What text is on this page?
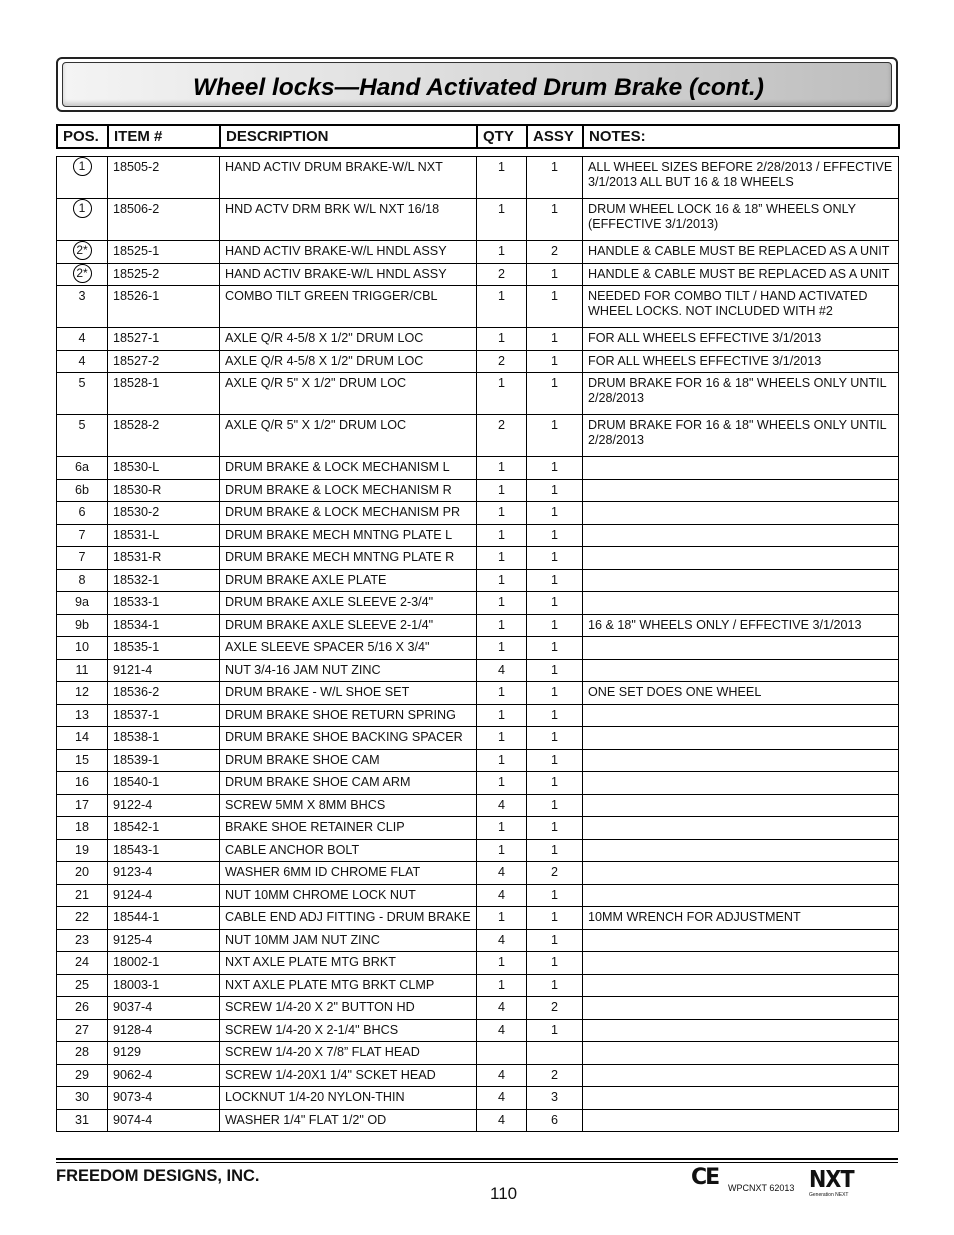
Wheel locks—Hand Activated Drum Brake (cont.)
POS.	ITEM #	DESCRIPTION	QTY	ASSY	NOTES:
1	18505-2	HAND ACTIV DRUM BRAKE-W/L NXT	1	1	ALL WHEEL SIZES BEFORE 2/28/2013 / EFFECTIVE 3/1/2013 ALL BUT 16 & 18 WHEELS

1	18506-2	HND ACTV DRM BRK W/L NXT 16/18	1	1	DRUM WHEEL LOCK 16 & 18” WHEELS ONLY (EFFECTIVE 3/1/2013)

2*	18525-1	HAND ACTIV BRAKE-W/L HNDL ASSY	1	2	HANDLE & CABLE MUST BE REPLACED AS A UNIT

2*	18525-2	HAND ACTIV BRAKE-W/L HNDL ASSY	2	1	HANDLE & CABLE MUST BE REPLACED AS A UNIT

3	18526-1	COMBO TILT GREEN TRIGGER/CBL	1	1	NEEDED FOR COMBO TILT / HAND ACTIVATED WHEEL LOCKS. NOT INCLUDED WITH #2

4	18527-1	AXLE Q/R 4-5/8 X 1/2" DRUM LOC	1	1	FOR ALL WHEELS EFFECTIVE 3/1/2013

4	18527-2	AXLE Q/R 4-5/8 X 1/2" DRUM LOC	2	1	FOR ALL WHEELS EFFECTIVE 3/1/2013

5	18528-1	AXLE Q/R 5" X 1/2" DRUM LOC	1	1	DRUM BRAKE FOR 16 & 18" WHEELS ONLY UNTIL 2/28/2013

5	18528-2	AXLE Q/R 5" X 1/2" DRUM LOC	2	1	DRUM BRAKE FOR 16 & 18" WHEELS ONLY UNTIL 2/28/2013

6a	18530-L	DRUM BRAKE & LOCK MECHANISM L	1	1	

6b	18530-R	DRUM BRAKE & LOCK MECHANISM R	1	1	

6	18530-2	DRUM BRAKE & LOCK MECHANISM PR	1	1	

7	18531-L	DRUM BRAKE MECH MNTNG PLATE L	1	1	

7	18531-R	DRUM BRAKE MECH MNTNG PLATE R	1	1	

8	18532-1	DRUM BRAKE AXLE PLATE	1	1	

9a	18533-1	DRUM BRAKE AXLE SLEEVE 2-3/4"	1	1	

9b	18534-1	DRUM BRAKE AXLE SLEEVE 2-1/4"	1	1	16 & 18" WHEELS ONLY / EFFECTIVE 3/1/2013

10	18535-1	AXLE SLEEVE SPACER 5/16 X 3/4"	1	1	

11	9121-4	NUT 3/4-16 JAM NUT ZINC	4	1	

12	18536-2	DRUM BRAKE - W/L SHOE SET	1	1	ONE SET DOES ONE WHEEL

13	18537-1	DRUM BRAKE SHOE RETURN SPRING	1	1	

14	18538-1	DRUM BRAKE SHOE BACKING SPACER	1	1	

15	18539-1	DRUM BRAKE SHOE CAM	1	1	

16	18540-1	DRUM BRAKE SHOE CAM ARM	1	1	

17	9122-4	SCREW 5MM X 8MM BHCS	4	1	

18	18542-1	BRAKE SHOE RETAINER CLIP	1	1	

19	18543-1	CABLE ANCHOR BOLT	1	1	

20	9123-4	WASHER 6MM ID CHROME FLAT	4	2	

21	9124-4	NUT 10MM CHROME LOCK NUT	4	1	

22	18544-1	CABLE END ADJ FITTING - DRUM BRAKE	1	1	10MM WRENCH FOR ADJUSTMENT

23	9125-4	NUT 10MM JAM NUT ZINC	4	1	

24	18002-1	NXT AXLE PLATE MTG BRKT	1	1	

25	18003-1	NXT AXLE PLATE MTG BRKT CLMP	1	1	

26	9037-4	SCREW 1/4-20 X 2" BUTTON HD	4	2	

27	9128-4	SCREW 1/4-20 X 2-1/4" BHCS	4	1	

28	9129	SCREW 1/4-20 X 7/8” FLAT HEAD			

29	9062-4	SCREW 1/4-20X1 1/4" SCKET HEAD	4	2	

30	9073-4	LOCKNUT 1/4-20 NYLON-THIN	4	3	

31	9074-4	WASHER 1/4" FLAT 1/2" OD	4	6	

FREEDOM DESIGNS, INC.
110
CE WPCNXT 62013 NXT
Generation NEXT
